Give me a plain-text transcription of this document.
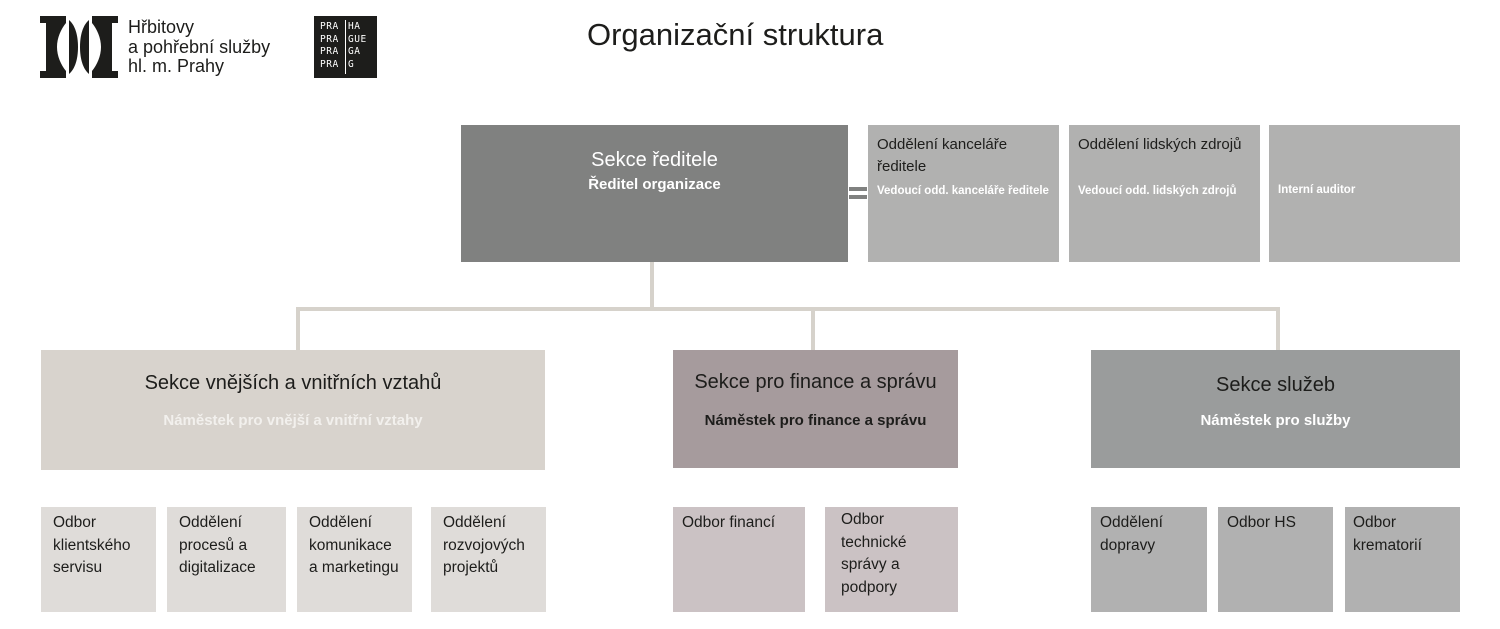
Hřbitovy
a pohřební služby
hl. m. Prahy
PRA
PRA
PRA
PRA
HA
GUE
GA
G
Organizační struktura
Sekce ředitele
Ředitel organizace
Oddělení kanceláře ředitele
Vedoucí odd. kanceláře ředitele
Oddělení lidských zdrojů
Vedoucí odd. lidských zdrojů	Interní auditor
Sekce vnějších a vnitřních vztahů
Náměstek pro vnější a vnitřní vztahy
Sekce pro finance a správu
Náměstek pro finance a správu
Sekce služeb
Náměstek pro služby
Odbor klientského servisu
Oddělení procesů a digitalizace
Oddělení komunikace a marketingu
Oddělení rozvojových projektů
Odbor financí	Odbor technické správy a podpory
Oddělení dopravy
Odbor HS	Odbor krematorií
